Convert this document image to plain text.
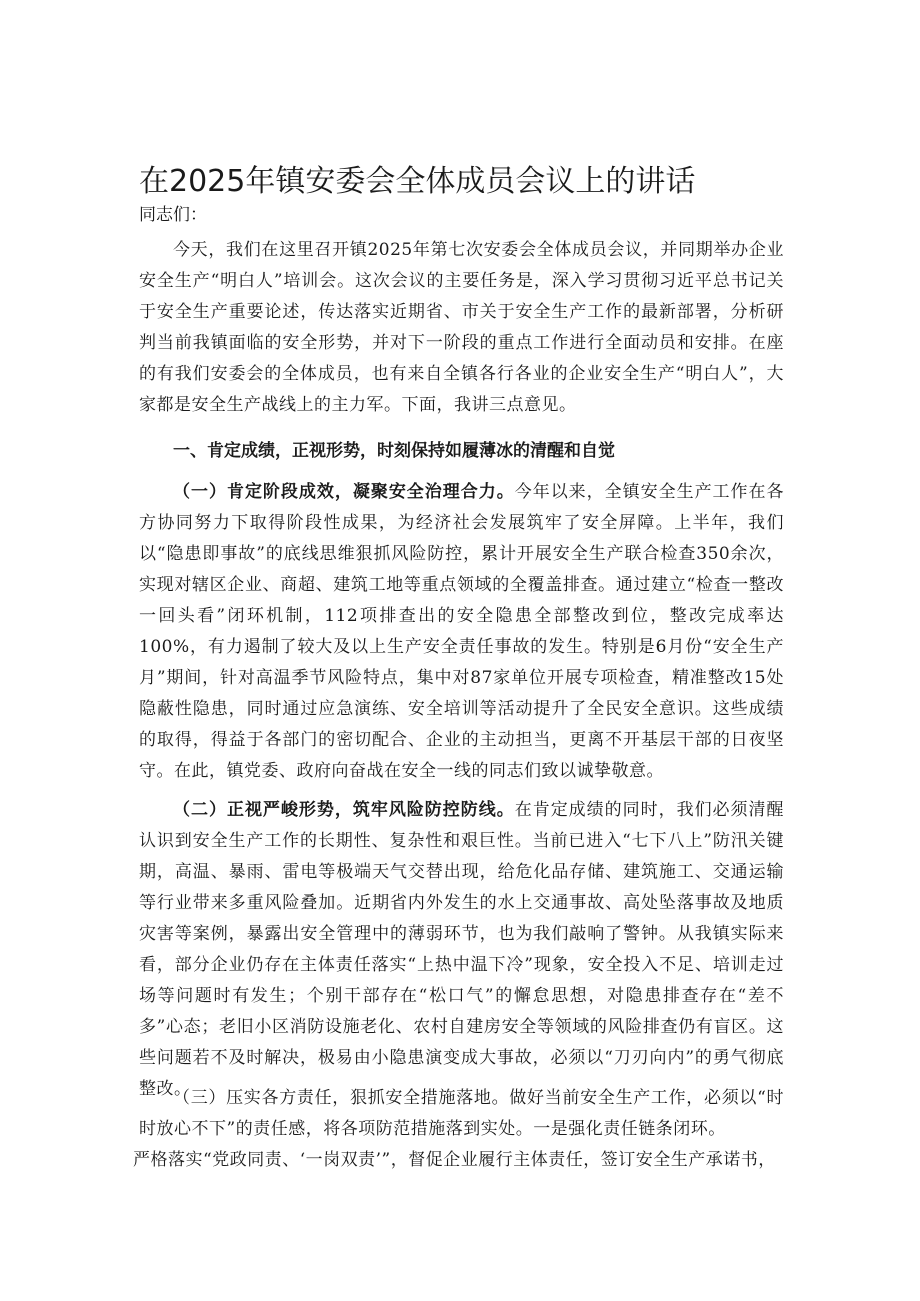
在2025年镇安委会全体成员会议上的讲话
同志们：

今天，我们在这里召开镇2025年第七次安委会全体成员会议，并同期举办企业安全生产“明白人”培训会。这次会议的主要任务是，深入学习贯彻习近平总书记关于安全生产重要论述，传达落实近期省、市关于安全生产工作的最新部署，分析研判当前我镇面临的安全形势，并对下一阶段的重点工作进行全面动员和安排。在座的有我们安委会的全体成员，也有来自全镇各行各业的企业安全生产“明白人”，大家都是安全生产战线上的主力军。下面，我讲三点意见。

一、肯定成绩，正视形势，时刻保持如履薄冰的清醒和自觉

（一）肯定阶段成效，凝聚安全治理合力。今年以来，全镇安全生产工作在各方协同努力下取得阶段性成果，为经济社会发展筑牢了安全屏障。上半年，我们以“隐患即事故”的底线思维狠抓风险防控，累计开展安全生产联合检查350余次，实现对辖区企业、商超、建筑工地等重点领域的全覆盖排查。通过建立“检查一整改一回头看”闭环机制，112项排查出的安全隐患全部整改到位，整改完成率达100%，有力遏制了较大及以上生产安全责任事故的发生。特别是6月份“安全生产月”期间，针对高温季节风险特点，集中对87家单位开展专项检查，精准整改15处隐蔽性隐患，同时通过应急演练、安全培训等活动提升了全民安全意识。这些成绩的取得，得益于各部门的密切配合、企业的主动担当，更离不开基层干部的日夜坚守。在此，镇党委、政府向奋战在安全一线的同志们致以诚挚敬意。

（二）正视严峻形势，筑牢风险防控防线。在肯定成绩的同时，我们必须清醒认识到安全生产工作的长期性、复杂性和艰巨性。当前已进入“七下八上”防汛关键期，高温、暴雨、雷电等极端天气交替出现，给危化品存储、建筑施工、交通运输等行业带来多重风险叠加。近期省内外发生的水上交通事故、高处坠落事故及地质灾害等案例，暴露出安全管理中的薄弱环节，也为我们敲响了警钟。从我镇实际来看，部分企业仍存在主体责任落实“上热中温下冷”现象，安全投入不足、培训走过场等问题时有发生；个别干部存在“松口气”的懈怠思想，对隐患排查存在“差不多”心态；老旧小区消防设施老化、农村自建房安全等领域的风险排查仍有盲区。这些问题若不及时解决，极易由小隐患演变成大事故，必须以“刀刃向内”的勇气彻底整改。

（三）压实各方责任，狠抓安全措施落地。做好当前安全生产工作，必须以“时时放心不下”的责任感，将各项防范措施落到实处。一是强化责任链条闭环。

严格落实“党政同责、‘一岗双责’”，督促企业履行主体责任，签订安全生产承诺书，
